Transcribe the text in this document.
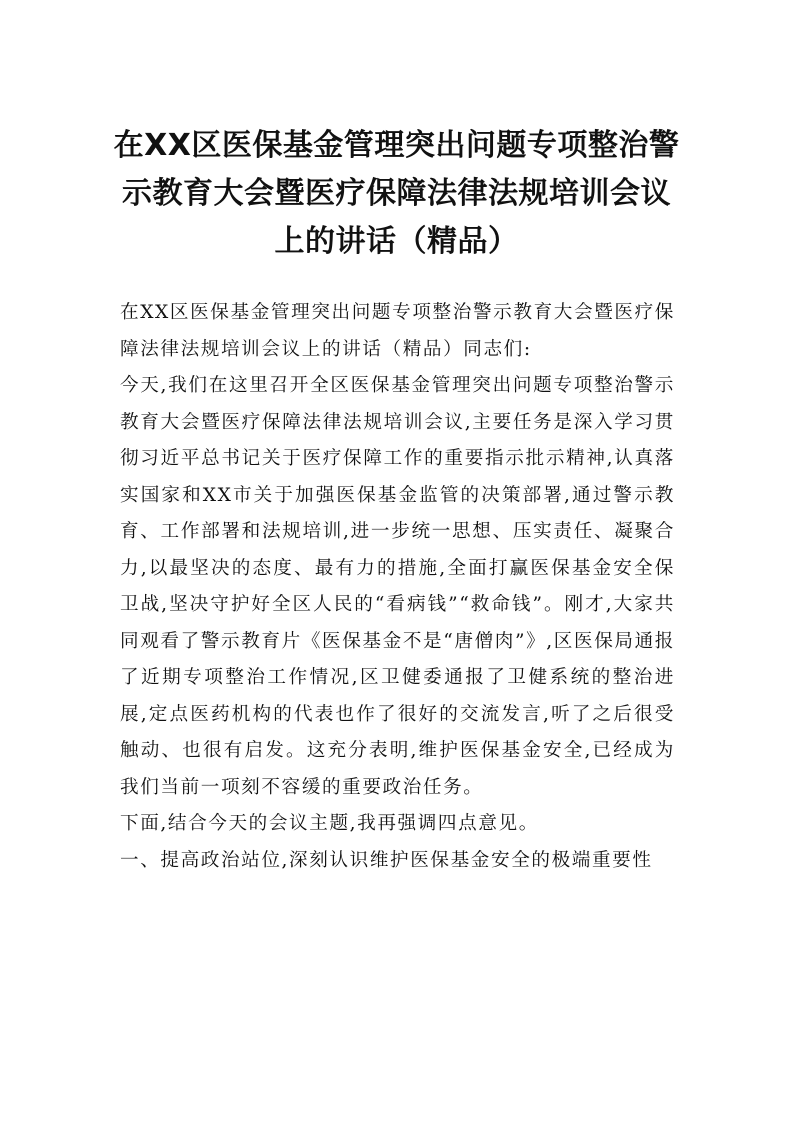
在XX区医保基金管理突出问题专项整治警示教育大会暨医疗保障法律法规培训会议上的讲话（精品）

在XX区医保基金管理突出问题专项整治警示教育大会暨医疗保障法律法规培训会议上的讲话（精品）同志们:

今天,我们在这里召开全区医保基金管理突出问题专项整治警示教育大会暨医疗保障法律法规培训会议,主要任务是深入学习贯彻习近平总书记关于医疗保障工作的重要指示批示精神,认真落实国家和XX市关于加强医保基金监管的决策部署,通过警示教育、工作部署和法规培训,进一步统一思想、压实责任、凝聚合力,以最坚决的态度、最有力的措施,全面打赢医保基金安全保卫战,坚决守护好全区人民的“看病钱”“救命钱”。刚才,大家共同观看了警示教育片《医保基金不是“唐僧肉”》,区医保局通报了近期专项整治工作情况,区卫健委通报了卫健系统的整治进展,定点医药机构的代表也作了很好的交流发言,听了之后很受触动、也很有启发。这充分表明,维护医保基金安全,已经成为我们当前一项刻不容缓的重要政治任务。

下面,结合今天的会议主题,我再强调四点意见。

一、提高政治站位,深刻认识维护医保基金安全的极端重要性
